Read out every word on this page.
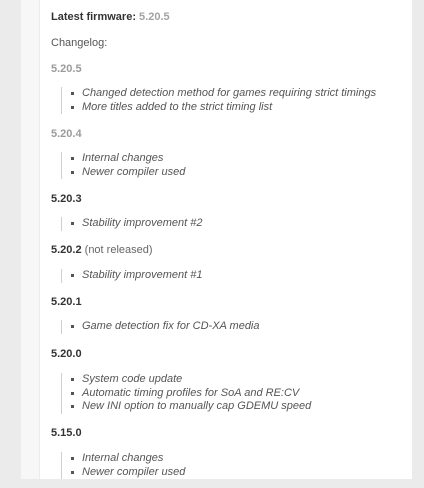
Latest firmware: 5.20.5
Changelog:
5.20.5
Changed detection method for games requiring strict timings
More titles added to the strict timing list
5.20.4
Internal changes
Newer compiler used
5.20.3
Stability improvement #2
5.20.2 (not released)
Stability improvement #1
5.20.1
Game detection fix for CD-XA media
5.20.0
System code update
Automatic timing profiles for SoA and RE:CV
New INI option to manually cap GDEMU speed
5.15.0
Internal changes
Newer compiler used
